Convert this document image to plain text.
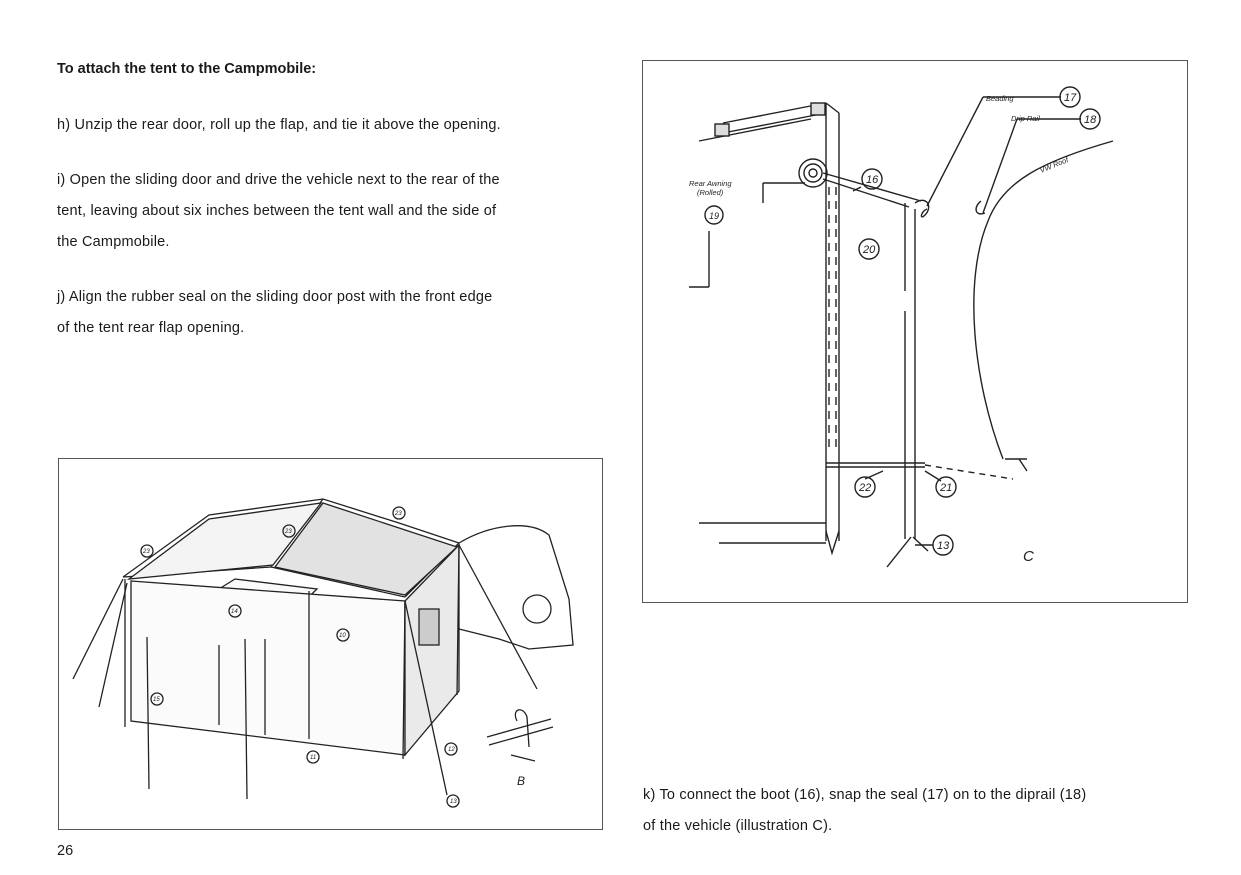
To attach the tent to the Campmobile:
h) Unzip the rear door, roll up the flap, and tie it above the opening.
i) Open the sliding door and drive the vehicle next to the rear of the
tent, leaving about six inches between the tent wall and the side of
the Campmobile.
j) Align the rubber seal on the sliding door post with the front edge
of the tent rear flap opening.
k) To connect the boot (16), snap the seal (17) on to the diprail (18)
of the vehicle (illustration C).
26
Beading
Drip Rail
VW Roof
Rear Awning
(Rolled)
17
18
19
16
20
21
22
13
C
23
23
23
14
10
15
11
12
13
B
